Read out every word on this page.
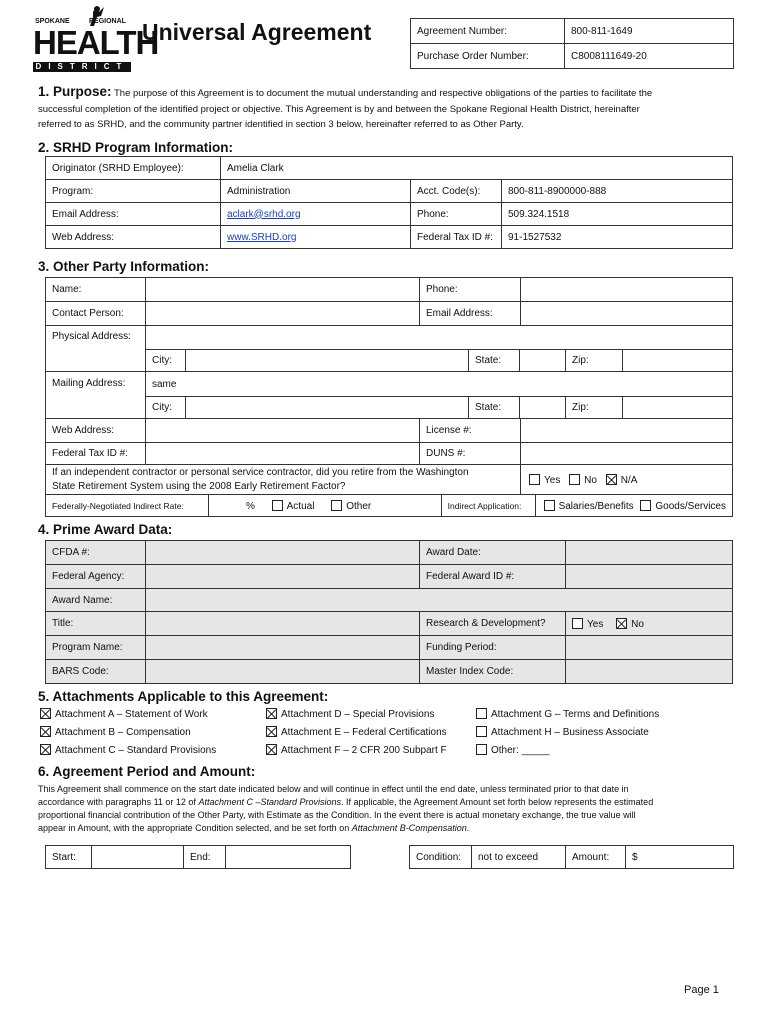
SPOKANE	REGIONAL
HEALTH
DISTRICT
Universal Agreement	Agreement Number:	800-811-1649
Purchase Order Number:	C8008111649-20
1. Purpose: The purpose of this Agreement is to document the mutual understanding and respective obligations of the parties to facilitate the
successful completion of the identified project or objective. This Agreement is by and between the Spokane Regional Health District, hereinafter
referred to as SRHD, and the community partner identified in section 3 below, hereinafter referred to as Other Party.
2. SRHD Program Information:
Originator (SRHD Employee):	Amelia Clark		
Program:	Administration	Acct. Code(s):	800-811-8900000-888
Email Address:	aclark@srhd.org	Phone:	509.324.1518
Web Address:	www.SRHD.org	Federal Tax ID #:	91-1527532
3. Other Party Information:
Name:		Phone:	
Contact Person:		Email Address:	
Physical Address:						
	City:		State:		Zip:	
Mailing Address:	same					
	City:		State:		Zip:	
Web Address:		License #:	
Federal Tax ID #:		DUNS #:	
If an independent contractor or personal service contractor, did you retire from the Washington
State Retirement System using the 2008 Early Retirement Factor?
	Yes No N/A
Federally-Negotiated Indirect Rate:	%	Actual	Other	Indirect Application:	Salaries/Benefits Goods/Services
4. Prime Award Data:
CFDA #:		Award Date:	
Federal Agency:		Federal Award ID #:	
Award Name:			
Title:		Research & Development?	Yes No
Program Name:		Funding Period:	
BARS Code:		Master Index Code:	
5. Attachments Applicable to this Agreement:
Attachment A – Statement of Work
Attachment B – Compensation
Attachment C – Standard Provisions
Attachment D – Special Provisions
Attachment E – Federal Certifications
Attachment F – 2 CFR 200 Subpart F
Attachment G – Terms and Definitions
Attachment H – Business Associate
Other: _____
6. Agreement Period and Amount:
This Agreement shall commence on the start date indicated below and will continue in effect until the end date, unless terminated prior to that date in
accordance with paragraphs 11 or 12 of Attachment C –Standard Provisions. If applicable, the Agreement Amount set forth below represents the estimated
proportional financial contribution of the Other Party, with Estimate as the Condition. In the event there is actual monetary exchange, the true value will
appear in Amount, with the appropriate Condition selected, and be set forth on Attachment B-Compensation.
Start:		End:		Condition:	not to exceed	Amount:	$
Page 1
